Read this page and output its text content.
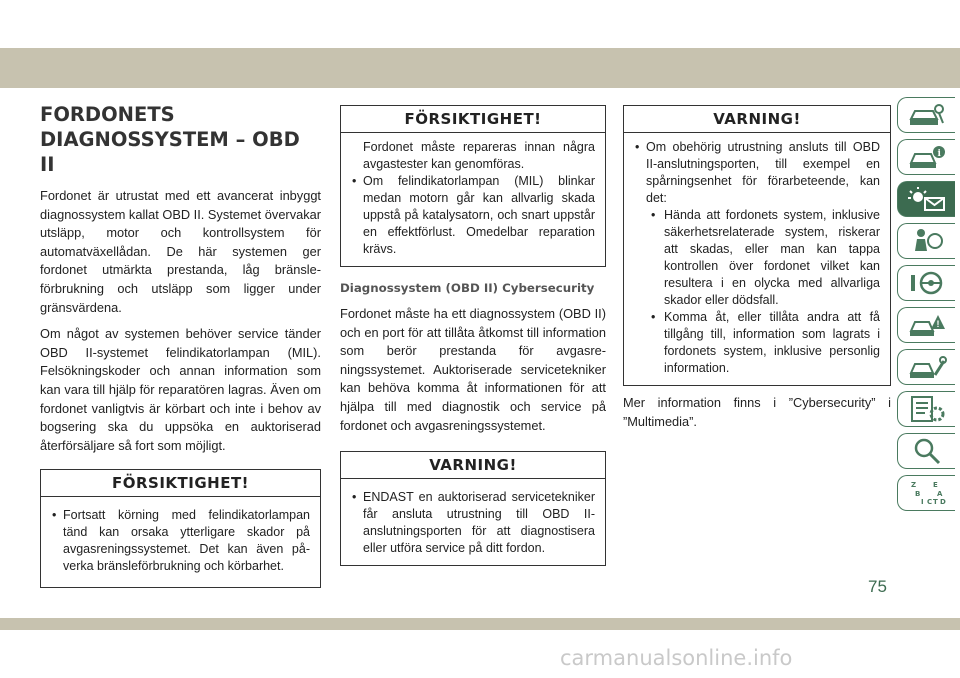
FORDONETS
DIAGNOSSYSTEM – OBD II

Fordonet är utrustat med ett avancerat inbyggt diagnossystem kallat OBD II. Systemet övervakar utsläpp, motor och kontrollsystem för automatväxellådan. De här systemen ger fordonet utmärkta prestanda, låg bränsleförbrukning och utsläpp som ligger under gränsvärdena.

Om något av systemen behöver service tänder OBD II-systemet felindikatorlampan (MIL). Felsökningskoder och annan information som kan vara till hjälp för reparatören lagras. Även om fordonet vanligtvis är körbart och inte i behov av bogsering ska du uppsöka en auktoriserad återförsäljare så fort som möjligt.

FÖRSIKTIGHET!
• Fortsatt körning med felindikatorlampan tänd kan orsaka ytterligare skador på avgasreningssystemet. Det kan även påverka bränsleförbrukning och körbarhet.
FÖRSIKTIGHET!
Fordonet måste repareras innan några avgastester kan genomföras.
• Om felindikatorlampan (MIL) blinkar medan motorn går kan allvarlig skada uppstå på katalysatorn, och snart uppstår en effektförlust. Omedelbar reparation krävs.
Diagnossystem (OBD II) Cybersecurity

Fordonet måste ha ett diagnossystem (OBD II) och en port för att tillåta åtkomst till information som berör prestanda för avgasreningssystemet. Auktoriserade servicetekniker kan behöva komma åt informationen för att hjälpa till med diagnostik och service på fordonet och avgasreningssystemet.

VARNING!
• ENDAST en auktoriserad servicetekniker får ansluta utrustning till OBD II-anslutningsporten för att diagnostisera eller utföra service på ditt fordon.
VARNING!
• Om obehörig utrustning ansluts till OBD II-anslutningsporten, till exempel en spårningsenhet för förarbeteende, kan det:
• Hända att fordonets system, inklusive säkerhetsrelaterade system, riskerar att skadas, eller man kan tappa kontrollen över fordonet vilket kan resultera i en olycka med allvarliga skador eller dödsfall.
• Komma åt, eller tillåta andra att få tillgång till, information som lagrats i fordonets system, inklusive personlig information.

Mer information finns i ”Cybersecurity” i ”Multimedia”.

i
!
Z E
B A
I C T D
75
carmanualsonline.info
